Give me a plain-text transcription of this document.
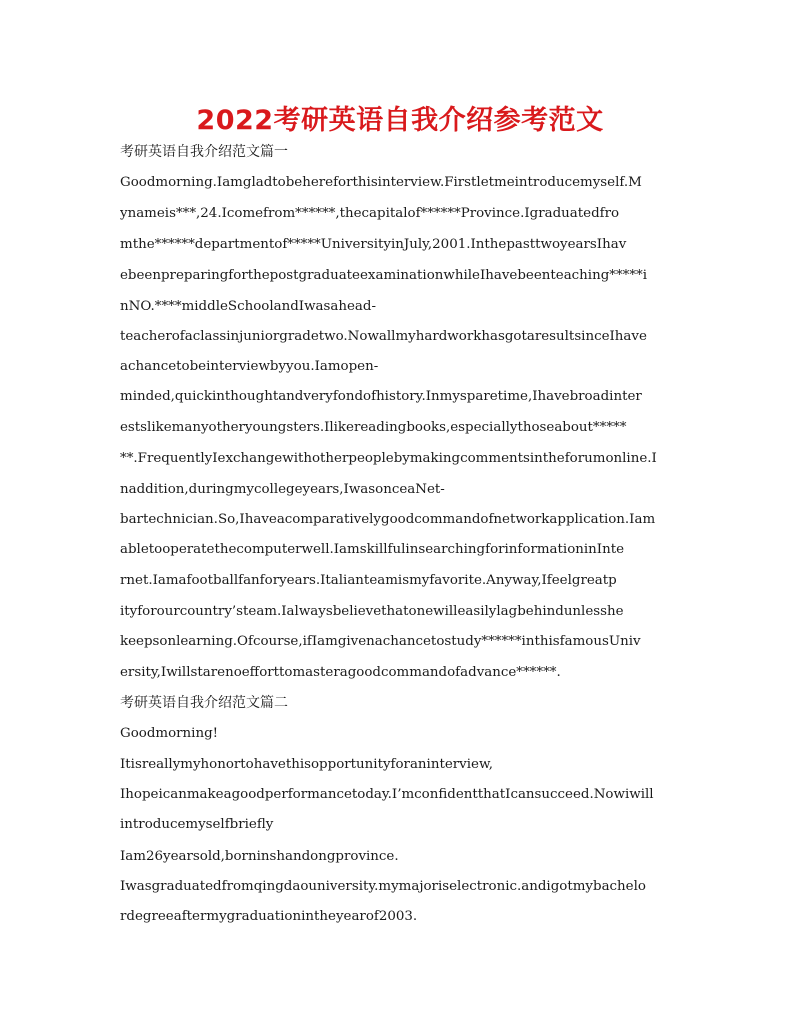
2022考研英语自我介绍参考范文
考研英语自我介绍范文篇一
Goodmorning.Iamgladtobehereforthisinterview.Firstletmeintroducemyself.M
ynameis***,24.Icomefrom******,thecapitalof******Province.Igraduatedfro
mthe******departmentof*****UniversityinJuly,2001.InthepasttwoyearsIhav
ebeenpreparingforthepostgraduateexaminationwhileIhavebeenteaching*****i
nNO.****middleSchoolandIwasahead-
teacherofaclassinjuniorgradetwo.NowallmyhardworkhasgotaresultsinceIhave
achancetobeinterviewbyyou.Iamopen-
minded,quickinthoughtandveryfondofhistory.Inmysparetime,Ihavebroadinter
estslikemanyotheryoungsters.Ilikereadingbooks,especiallythoseabout*****
**.FrequentlyIexchangewithotherpeoplebymakingcommentsintheforumonline.I
naddition,duringmycollegeyears,IwasonceaNet-
bartechnician.So,Ihaveacomparativelygoodcommandofnetworkapplication.Iam
abletooperatethecomputerwell.IamskillfulinsearchingforinformationinInte
rnet.Iamafootballfanforyears.Italianteamismyfavorite.Anyway,Ifeelgreatp
ityforourcountry’steam.Ialwaysbelievethatonewilleasilylagbehindunlesshe
keepsonlearning.Ofcourse,ifIamgivenachancetostudy******inthisfamousUniv
ersity,Iwillstarenoefforttomasteragoodcommandofadvance******.
考研英语自我介绍范文篇二
Goodmorning!
Itisreallymyhonortohavethisopportunityforaninterview,
Ihopeicanmakeagoodperformancetoday.I’mconfidentthatIcansucceed.Nowiwill
introducemyselfbriefly
Iam26yearsold,borninshandongprovince.
Iwasgraduatedfromqingdaouniversity.mymajoriselectronic.andigotmybachelo
rdegreeaftermygraduationintheyearof2003.
